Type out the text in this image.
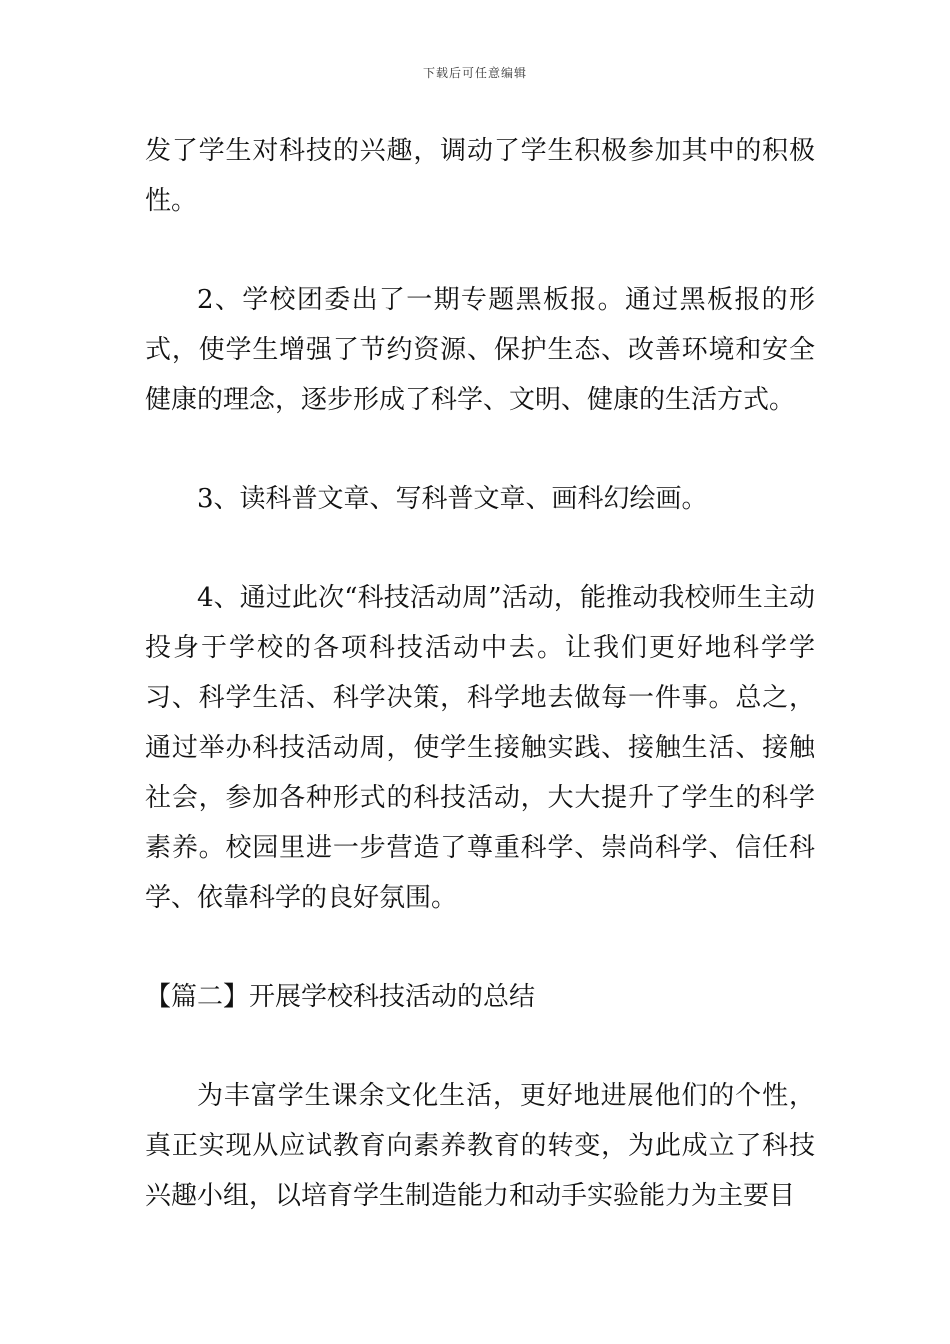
下载后可任意编辑

发了学生对科技的兴趣，调动了学生积极参加其中的积极性。

2、学校团委出了一期专题黑板报。通过黑板报的形式，使学生增强了节约资源、保护生态、改善环境和安全健康的理念，逐步形成了科学、文明、健康的生活方式。

3、读科普文章、写科普文章、画科幻绘画。

4、通过此次“科技活动周”活动，能推动我校师生主动投身于学校的各项科技活动中去。让我们更好地科学学习、科学生活、科学决策，科学地去做每一件事。总之，通过举办科技活动周，使学生接触实践、接触生活、接触社会，参加各种形式的科技活动，大大提升了学生的科学素养。校园里进一步营造了尊重科学、崇尚科学、信任科学、依靠科学的良好氛围。

【篇二】开展学校科技活动的总结

为丰富学生课余文化生活，更好地进展他们的个性，真正实现从应试教育向素养教育的转变，为此成立了科技兴趣小组，以培育学生制造能力和动手实验能力为主要目
